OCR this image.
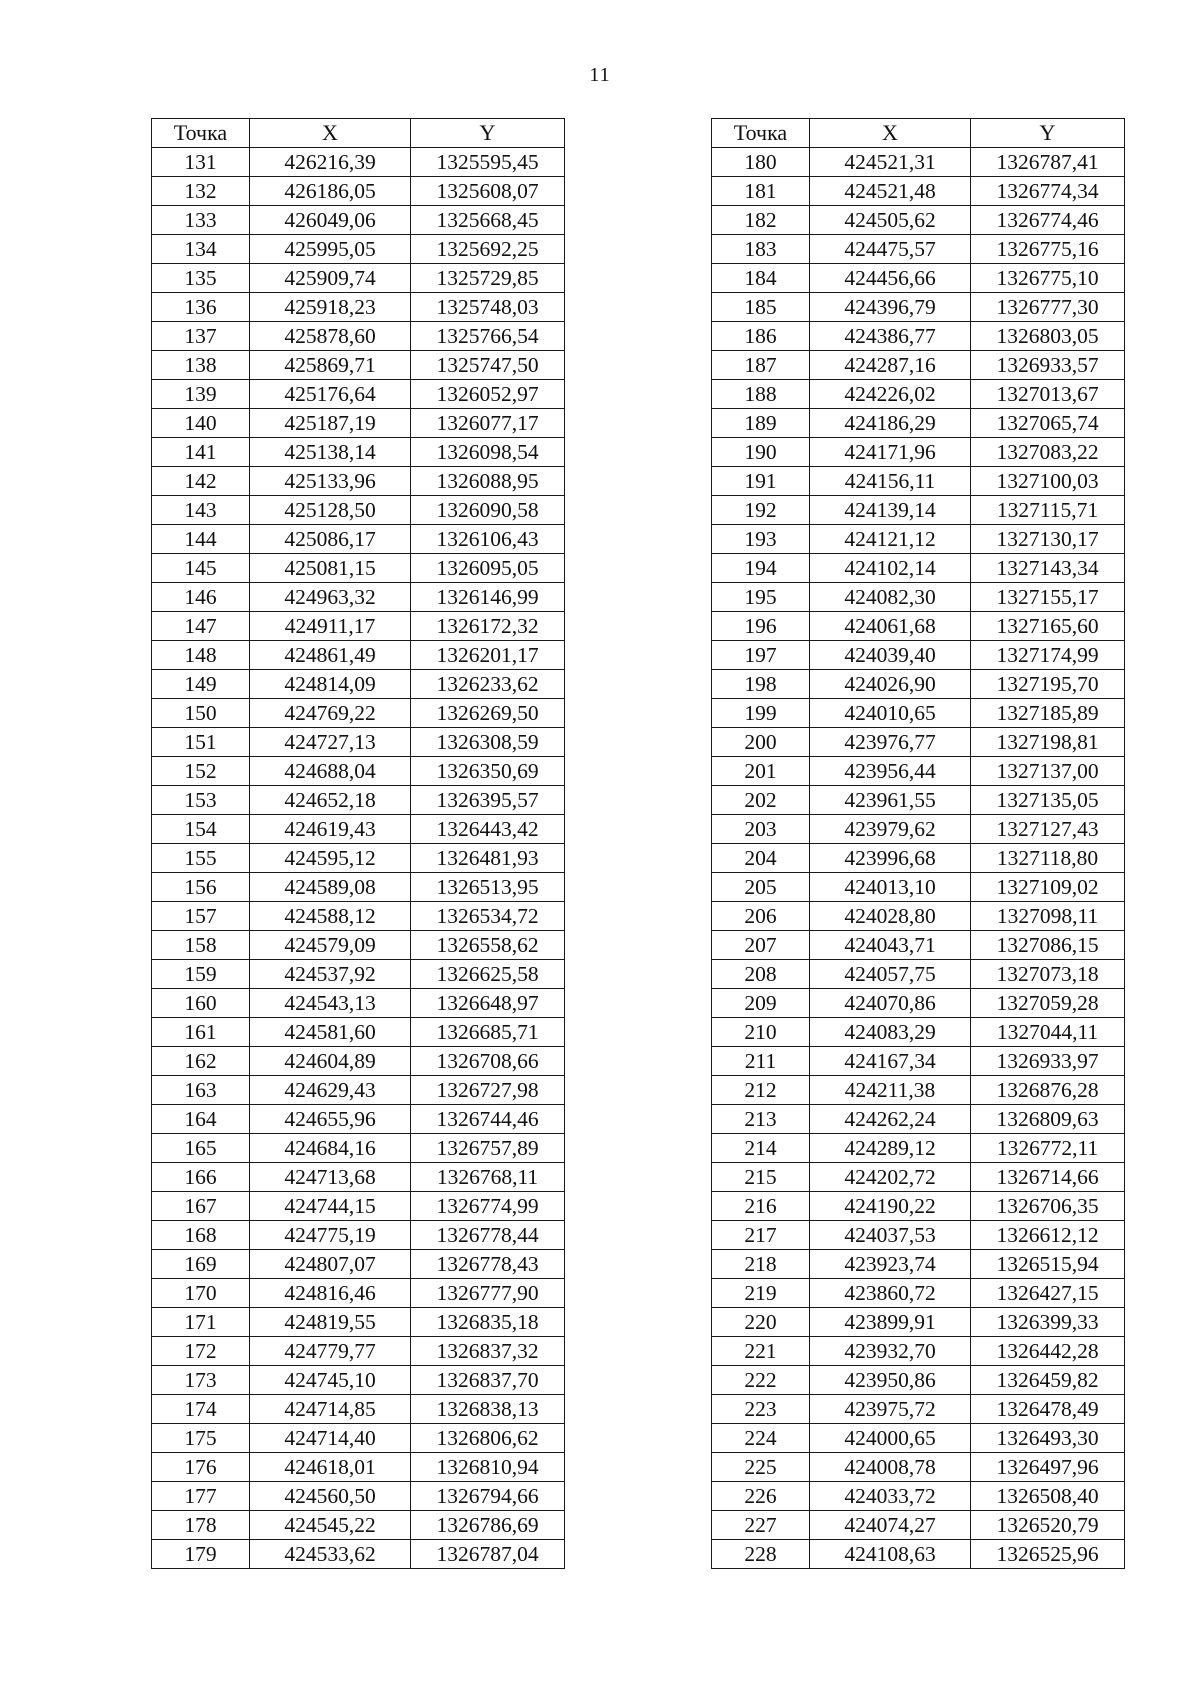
11
Точка	X	Y
131	426216,39	1325595,45
132	426186,05	1325608,07
133	426049,06	1325668,45
134	425995,05	1325692,25
135	425909,74	1325729,85
136	425918,23	1325748,03
137	425878,60	1325766,54
138	425869,71	1325747,50
139	425176,64	1326052,97
140	425187,19	1326077,17
141	425138,14	1326098,54
142	425133,96	1326088,95
143	425128,50	1326090,58
144	425086,17	1326106,43
145	425081,15	1326095,05
146	424963,32	1326146,99
147	424911,17	1326172,32
148	424861,49	1326201,17
149	424814,09	1326233,62
150	424769,22	1326269,50
151	424727,13	1326308,59
152	424688,04	1326350,69
153	424652,18	1326395,57
154	424619,43	1326443,42
155	424595,12	1326481,93
156	424589,08	1326513,95
157	424588,12	1326534,72
158	424579,09	1326558,62
159	424537,92	1326625,58
160	424543,13	1326648,97
161	424581,60	1326685,71
162	424604,89	1326708,66
163	424629,43	1326727,98
164	424655,96	1326744,46
165	424684,16	1326757,89
166	424713,68	1326768,11
167	424744,15	1326774,99
168	424775,19	1326778,44
169	424807,07	1326778,43
170	424816,46	1326777,90
171	424819,55	1326835,18
172	424779,77	1326837,32
173	424745,10	1326837,70
174	424714,85	1326838,13
175	424714,40	1326806,62
176	424618,01	1326810,94
177	424560,50	1326794,66
178	424545,22	1326786,69
179	424533,62	1326787,04
Точка	X	Y
180	424521,31	1326787,41
181	424521,48	1326774,34
182	424505,62	1326774,46
183	424475,57	1326775,16
184	424456,66	1326775,10
185	424396,79	1326777,30
186	424386,77	1326803,05
187	424287,16	1326933,57
188	424226,02	1327013,67
189	424186,29	1327065,74
190	424171,96	1327083,22
191	424156,11	1327100,03
192	424139,14	1327115,71
193	424121,12	1327130,17
194	424102,14	1327143,34
195	424082,30	1327155,17
196	424061,68	1327165,60
197	424039,40	1327174,99
198	424026,90	1327195,70
199	424010,65	1327185,89
200	423976,77	1327198,81
201	423956,44	1327137,00
202	423961,55	1327135,05
203	423979,62	1327127,43
204	423996,68	1327118,80
205	424013,10	1327109,02
206	424028,80	1327098,11
207	424043,71	1327086,15
208	424057,75	1327073,18
209	424070,86	1327059,28
210	424083,29	1327044,11
211	424167,34	1326933,97
212	424211,38	1326876,28
213	424262,24	1326809,63
214	424289,12	1326772,11
215	424202,72	1326714,66
216	424190,22	1326706,35
217	424037,53	1326612,12
218	423923,74	1326515,94
219	423860,72	1326427,15
220	423899,91	1326399,33
221	423932,70	1326442,28
222	423950,86	1326459,82
223	423975,72	1326478,49
224	424000,65	1326493,30
225	424008,78	1326497,96
226	424033,72	1326508,40
227	424074,27	1326520,79
228	424108,63	1326525,96
